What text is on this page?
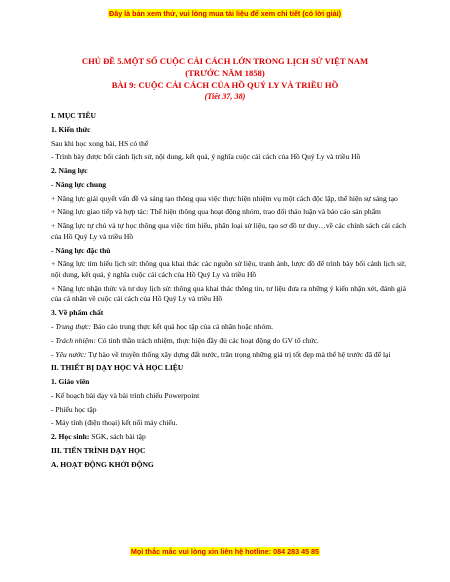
Đây là bản xem thử, vui lòng mua tài liệu để xem chi tiết (có lời giải)
CHỦ ĐỀ 5.MỘT SỐ CUỘC CẢI CÁCH LỚN TRONG LỊCH SỬ VIỆT NAM
(TRƯỚC NĂM 1858)
BÀI 9: CUỘC CẢI CÁCH CỦA HỒ QUÝ LY VÀ TRIỀU HỒ
(Tiết 37, 38)

I. MỤC TIÊU

1. Kiến thức

Sau khi học xong bài, HS có thể

- Trình bày được bối cảnh lịch sử, nội dung, kết quả, ý nghĩa cuộc cải cách của Hồ Quý Ly và triều Hồ

2. Năng lực

- Năng lực chung

+ Năng lực giải quyết vấn đề và sáng tạo thông qua việc thực hiện nhiệm vụ một cách độc lập, thể hiện sự sáng tạo

+ Năng lực giao tiếp và hợp tác: Thể hiện thông qua hoạt động nhóm, trao đổi thảo luận và báo cáo sản phẩm

+ Năng lực tự chủ và tự học thông qua việc tìm hiểu, phân loại sử liệu, tạo sơ đồ tư duy…về các chính sách cải cách của Hồ Quý Ly và triều Hồ

- Năng lực đặc thù

+ Năng lực tìm hiểu lịch sử: thông qua khai thác các nguồn sử liệu, tranh ảnh, lược đồ để trình bày bối cảnh lịch sử, nội dung, kết quả, ý nghĩa cuộc cải cách của Hồ Quý Ly và triều Hồ

+ Năng lực nhận thức và tư duy lịch sử: thông qua khai thác thông tin, tư liệu đưa ra những ý kiến nhận xét, đánh giá của cá nhân về cuộc cải cách của Hồ Quý Ly và triều Hồ

3. Về phẩm chất

- Trung thực: Báo cáo trung thực kết quả học tập của cá nhân hoặc nhóm.

- Trách nhiệm: Có tinh thần trách nhiệm, thực hiện đầy đủ các hoạt động do GV tổ chức.

- Yêu nước: Tự hào về truyền thống xây dựng đất nước, trân trọng những giá trị tốt đẹp mà thế hệ trước đã để lại

II. THIẾT BỊ DẠY HỌC VÀ HỌC LIỆU

1. Giáo viên

- Kế hoạch bài dạy và bài trình chiếu Powerpoint

- Phiếu học tập

- Máy tính (điện thoại) kết nối máy chiếu.

2. Học sinh: SGK, sách bài tập

III. TIẾN TRÌNH DẠY HỌC

A. HOẠT ĐỘNG KHỞI ĐỘNG

Mọi thắc mắc vui lòng xin liên hệ hotline: 084 283 45 85
